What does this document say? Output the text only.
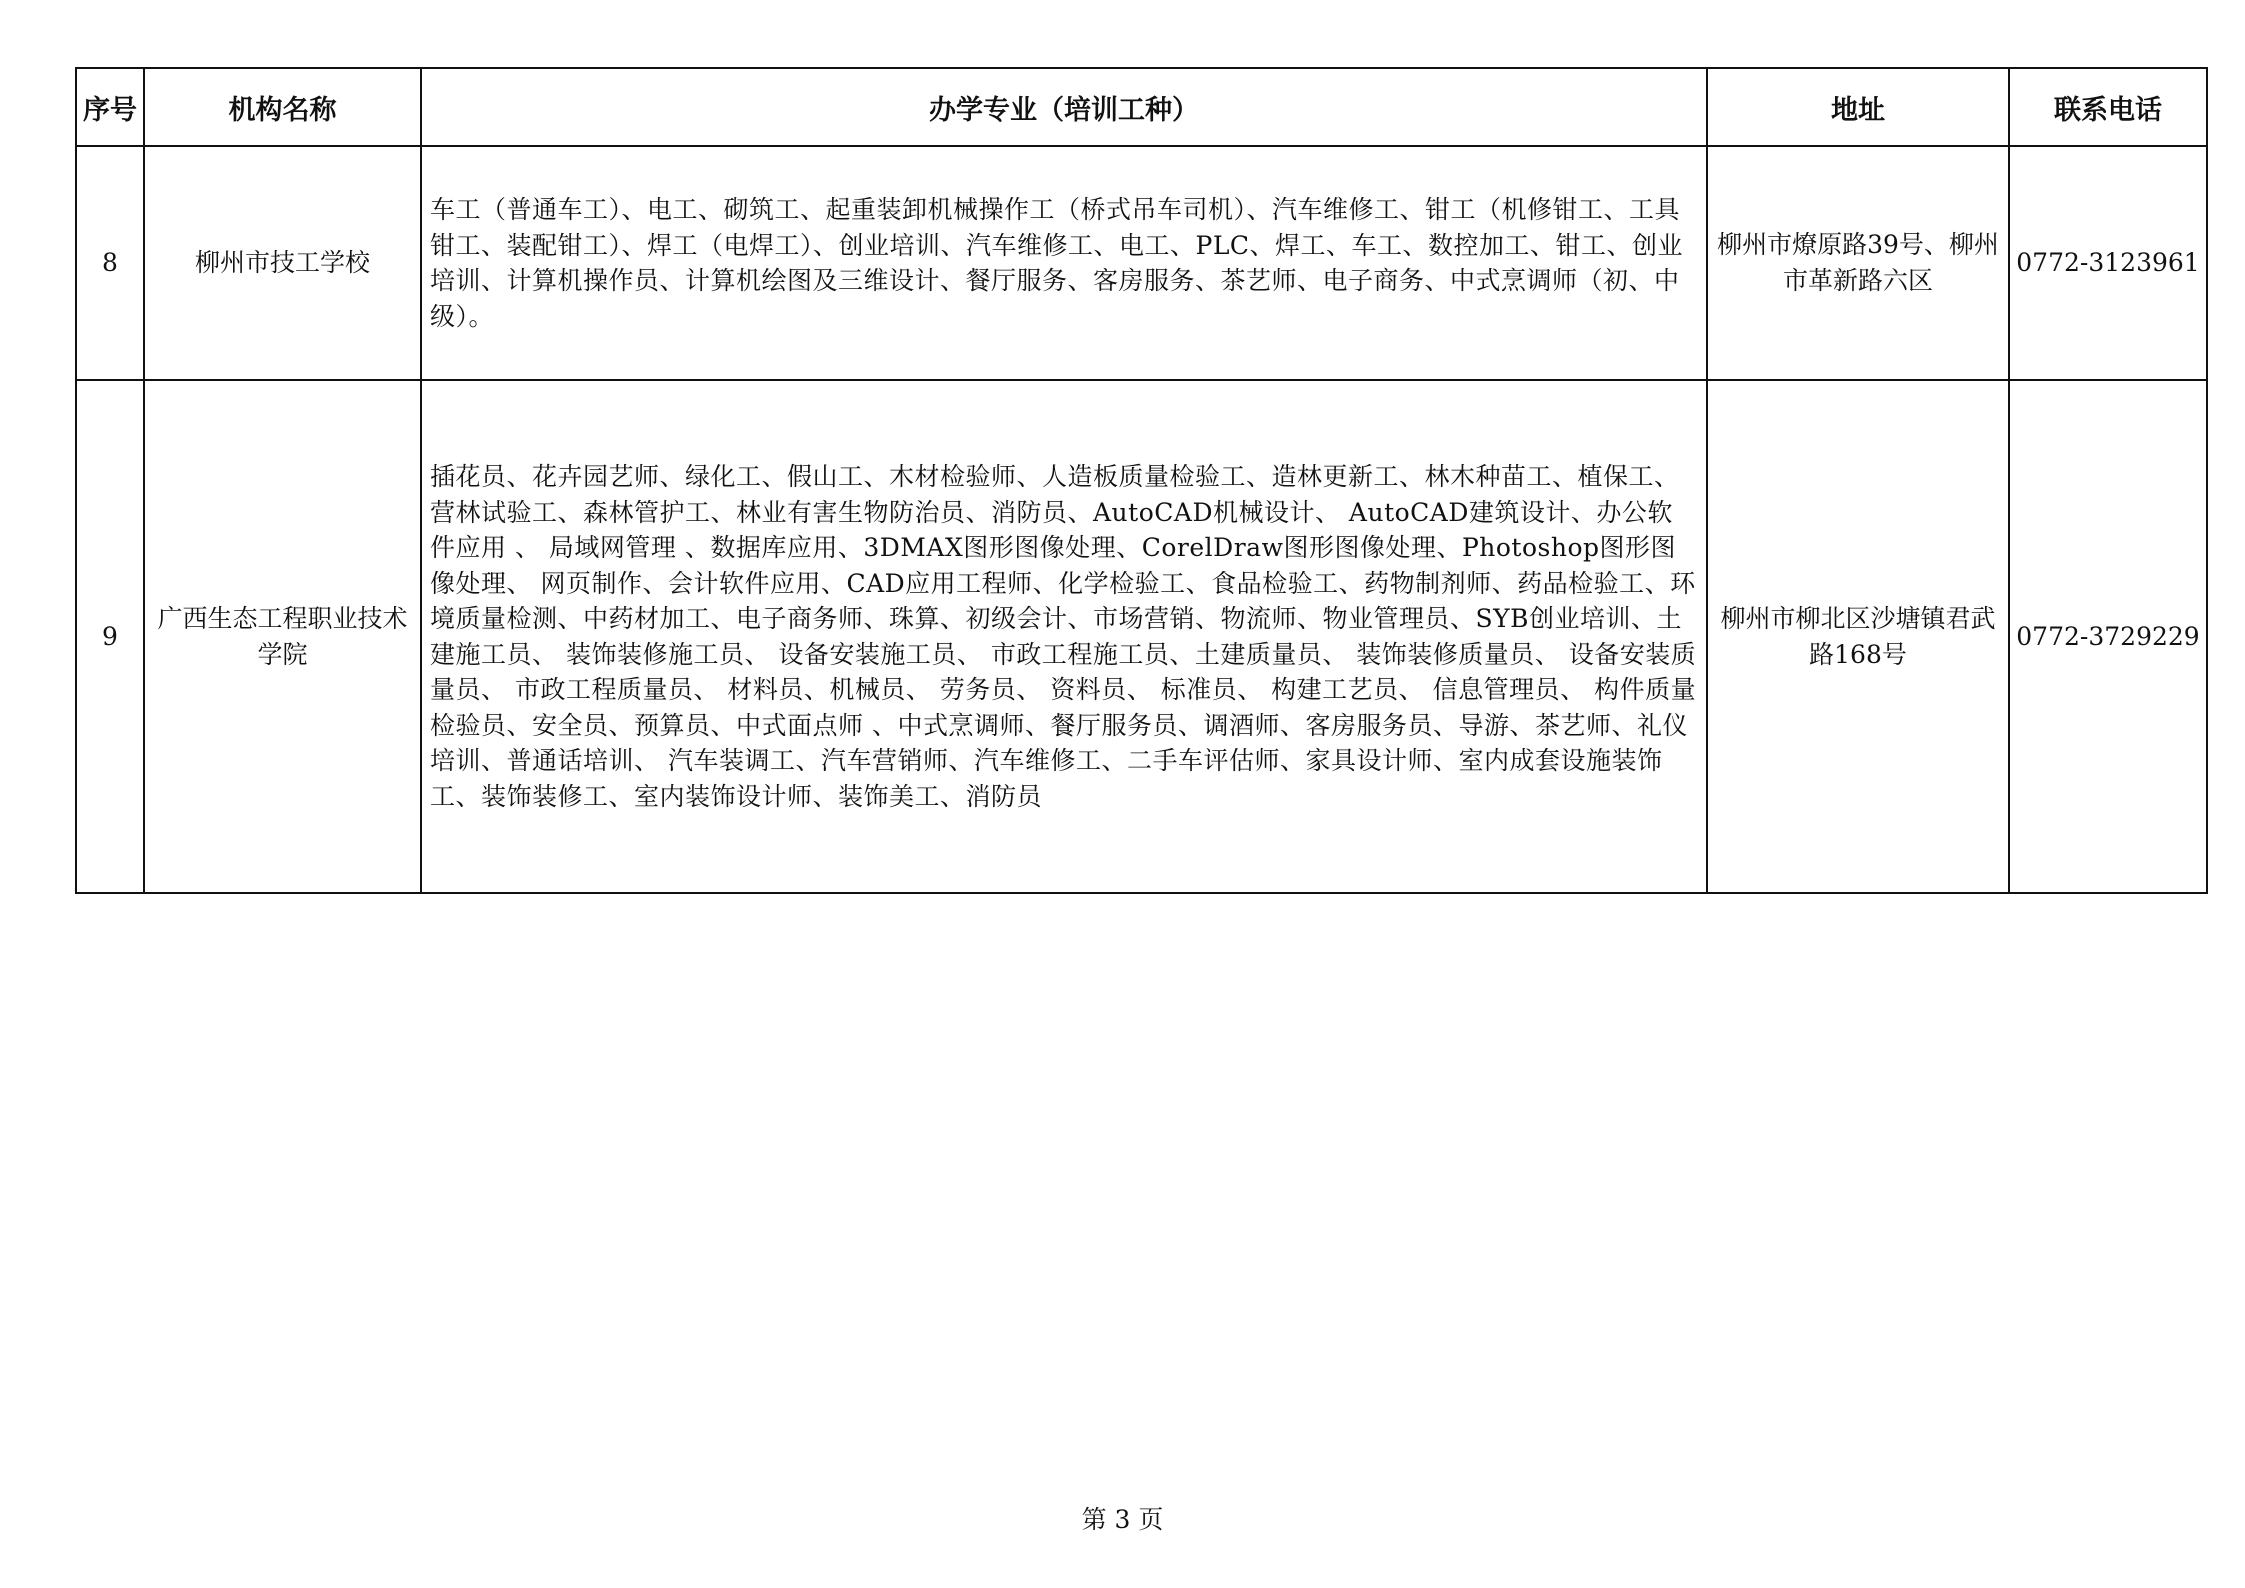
序号	机构名称	办学专业（培训工种）	地址	联系电话
8	柳州市技工学校	车工（普通车工）、电工、砌筑工、起重装卸机械操作工（桥式吊车司机）、汽车维修工、钳工（机修钳工、工具钳工、装配钳工）、焊工（电焊工）、创业培训、汽车维修工、电工、PLC、焊工、车工、数控加工、钳工、创业培训、计算机操作员、计算机绘图及三维设计、餐厅服务、客房服务、茶艺师、电子商务、中式烹调师（初、中级）。	柳州市燎原路39号、柳州市革新路六区	0772-3123961
9	广西生态工程职业技术学院	插花员、花卉园艺师、绿化工、假山工、木材检验师、人造板质量检验工、造林更新工、林木种苗工、植保工、营林试验工、森林管护工、林业有害生物防治员、消防员、AutoCAD机械设计、 AutoCAD建筑设计、办公软件应用 、 局域网管理 、数据库应用、3DMAX图形图像处理、CorelDraw图形图像处理、Photoshop图形图像处理、 网页制作、会计软件应用、CAD应用工程师、化学检验工、食品检验工、药物制剂师、药品检验工、环境质量检测、中药材加工、电子商务师、珠算、初级会计、市场营销、物流师、物业管理员、SYB创业培训、土建施工员、 装饰装修施工员、 设备安装施工员、 市政工程施工员、土建质量员、 装饰装修质量员、 设备安装质量员、 市政工程质量员、 材料员、机械员、 劳务员、 资料员、 标准员、 构建工艺员、 信息管理员、 构件质量检验员、安全员、预算员、中式面点师 、中式烹调师、餐厅服务员、调酒师、客房服务员、导游、茶艺师、礼仪培训、普通话培训、 汽车装调工、汽车营销师、汽车维修工、二手车评估师、家具设计师、室内成套设施装饰工、装饰装修工、室内装饰设计师、装饰美工、消防员	柳州市柳北区沙塘镇君武路168号	0772-3729229
第 3 页
